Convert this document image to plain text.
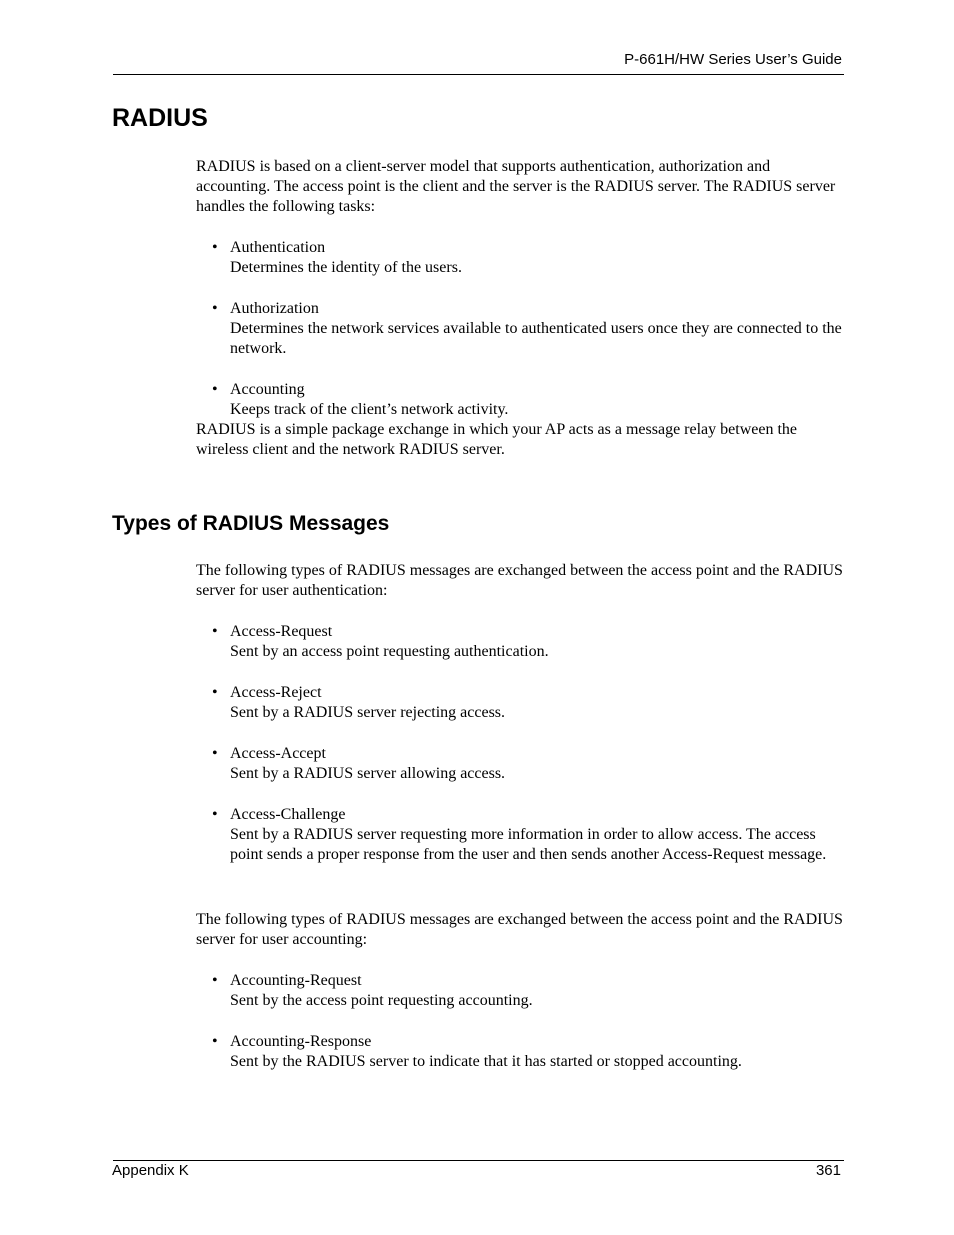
P-661H/HW Series User’s Guide
RADIUS

RADIUS is based on a client-server model that supports authentication, authorization and accounting. The access point is the client and the server is the RADIUS server. The RADIUS server handles the following tasks:

• Authentication

Determines the identity of the users.

• Authorization

Determines the network services available to authenticated users once they are connected to the network.

• Accounting

Keeps track of the client’s network activity.

RADIUS is a simple package exchange in which your AP acts as a message relay between the wireless client and the network RADIUS server.

Types of RADIUS Messages

The following types of RADIUS messages are exchanged between the access point and the RADIUS server for user authentication:

• Access-Request

Sent by an access point requesting authentication.

• Access-Reject

Sent by a RADIUS server rejecting access.

• Access-Accept

Sent by a RADIUS server allowing access.

• Access-Challenge

Sent by a RADIUS server requesting more information in order to allow access. The access point sends a proper response from the user and then sends another Access-Request message.

The following types of RADIUS messages are exchanged between the access point and the RADIUS server for user accounting:

• Accounting-Request

Sent by the access point requesting accounting.

• Accounting-Response

Sent by the RADIUS server to indicate that it has started or stopped accounting.

Appendix K	361
